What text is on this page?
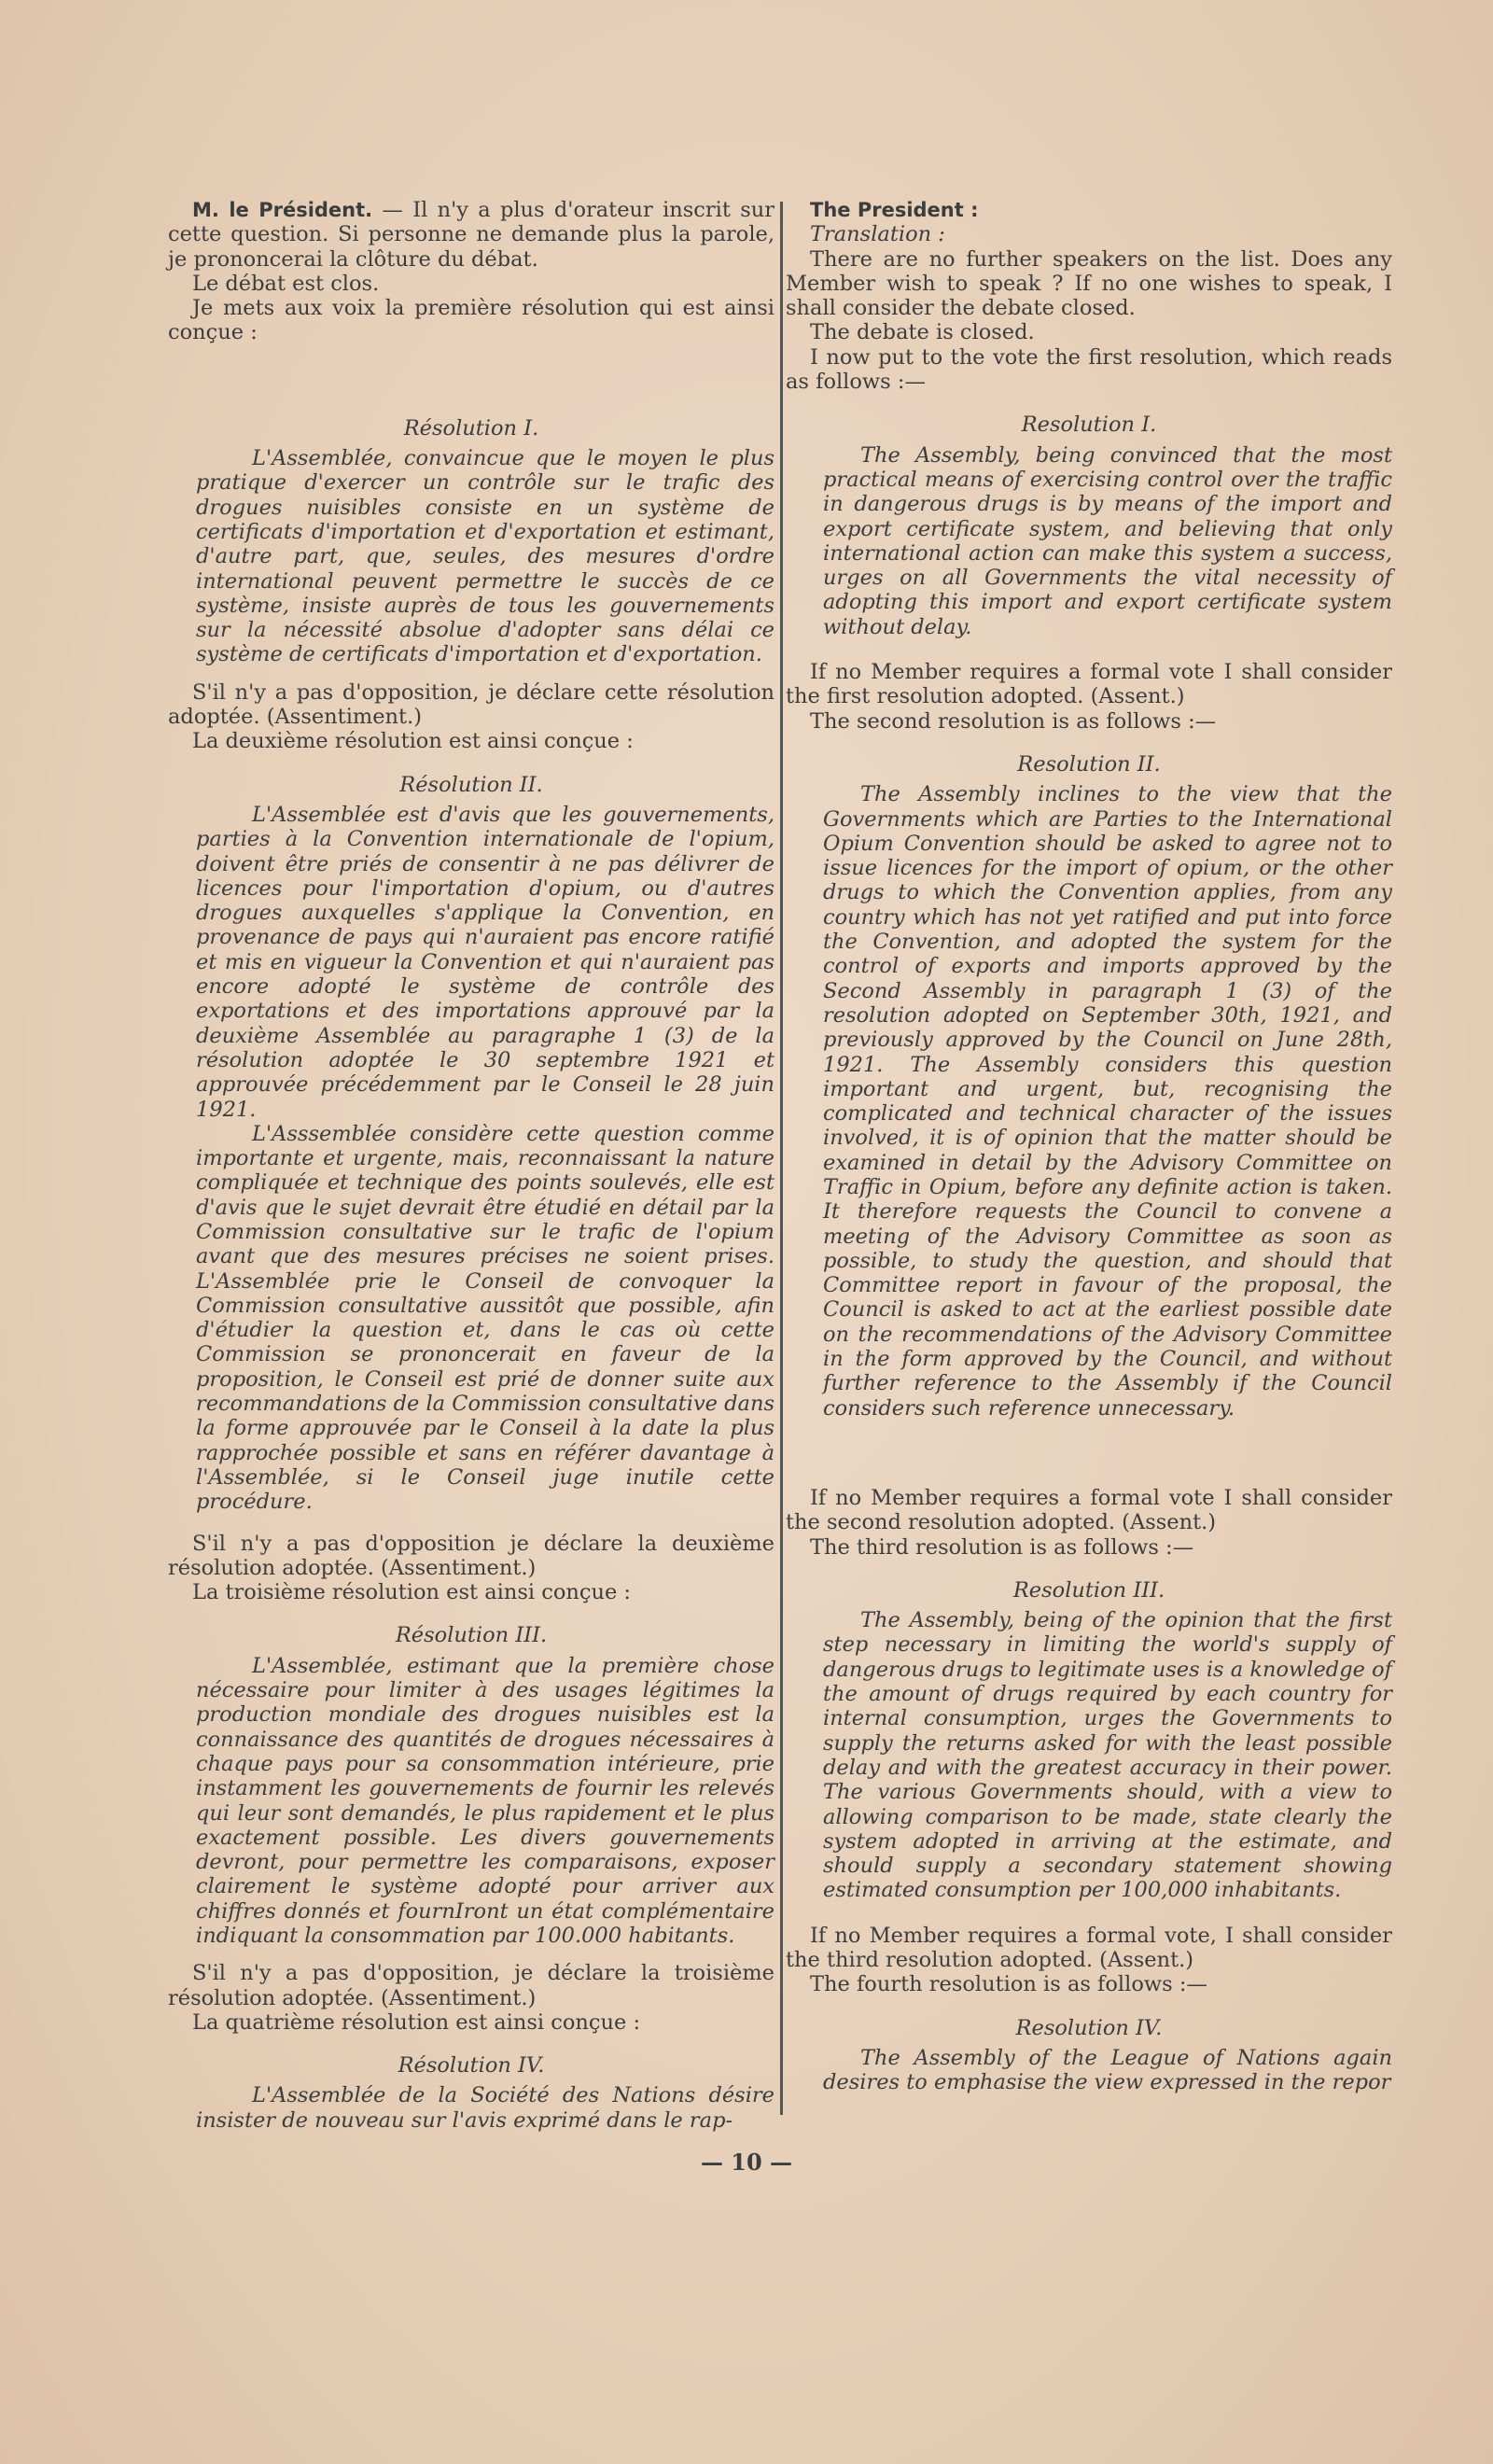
M. le Président. — Il n'y a plus d'orateur inscrit sur cette question. Si personne ne demande plus la parole, je prononcerai la clôture du débat.

Le débat est clos.

Je mets aux voix la première résolution qui est ainsi conçue :

Résolution I.

L'Assemblée, convaincue que le moyen le plus pratique d'exercer un contrôle sur le trafic des drogues nuisibles consiste en un système de certificats d'importation et d'exportation et estimant, d'autre part, que, seules, des mesures d'ordre international peuvent permettre le succès de ce système, insiste auprès de tous les gouvernements sur la nécessité absolue d'adopter sans délai ce système de certificats d'importation et d'exportation.

S'il n'y a pas d'opposition, je déclare cette résolution adoptée. (Assentiment.)

La deuxième résolution est ainsi conçue :

Résolution II.

L'Assemblée est d'avis que les gouvernements, parties à la Convention internationale de l'opium, doivent être priés de consentir à ne pas délivrer de licences pour l'importation d'opium, ou d'autres drogues auxquelles s'applique la Convention, en provenance de pays qui n'auraient pas encore ratifié et mis en vigueur la Convention et qui n'auraient pas encore adopté le système de contrôle des exportations et des importations approuvé par la deuxième Assemblée au paragraphe 1 (3) de la résolution adoptée le 30 septembre 1921 et approuvée précédemment par le Conseil le 28 juin 1921.

L'Asssemblée considère cette question comme importante et urgente, mais, reconnaissant la nature compliquée et technique des points soulevés, elle est d'avis que le sujet devrait être étudié en détail par la Commission consultative sur le trafic de l'opium avant que des mesures précises ne soient prises. L'Assemblée prie le Conseil de convoquer la Commission consultative aussitôt que possible, afin d'étudier la question et, dans le cas où cette Commission se prononcerait en faveur de la proposition, le Conseil est prié de donner suite aux recommandations de la Commission consultative dans la forme approuvée par le Conseil à la date la plus rapprochée possible et sans en référer davantage à l'Assemblée, si le Conseil juge inutile cette procédure.

S'il n'y a pas d'opposition je déclare la deuxième résolution adoptée. (Assentiment.)

La troisième résolution est ainsi conçue :

Résolution III.

L'Assemblée, estimant que la première chose nécessaire pour limiter à des usages légitimes la production mondiale des drogues nuisibles est la connaissance des quantités de drogues nécessaires à chaque pays pour sa consommation intérieure, prie instamment les gouvernements de fournir les relevés qui leur sont demandés, le plus rapidement et le plus exactement possible. Les divers gouvernements devront, pour permettre les comparaisons, exposer clairement le système adopté pour arriver aux chiffres donnés et fournIront un état complémentaire indiquant la consommation par 100.000 habitants.

S'il n'y a pas d'opposition, je déclare la troisième résolution adoptée. (Assentiment.)

La quatrième résolution est ainsi conçue :

Résolution IV.

L'Assemblée de la Société des Nations désire insister de nouveau sur l'avis exprimé dans le rap-

The President :

Translation :

There are no further speakers on the list. Does any Member wish to speak ? If no one wishes to speak, I shall consider the debate closed.

The debate is closed.

I now put to the vote the first resolution, which reads as follows :—

Resolution I.

The Assembly, being convinced that the most practical means of exercising control over the traffic in dangerous drugs is by means of the import and export certificate system, and believing that only international action can make this system a success, urges on all Governments the vital necessity of adopting this import and export certificate system without delay.

If no Member requires a formal vote I shall consider the first resolution adopted. (Assent.)

The second resolution is as follows :—

Resolution II.

The Assembly inclines to the view that the Governments which are Parties to the International Opium Convention should be asked to agree not to issue licences for the import of opium, or the other drugs to which the Convention applies, from any country which has not yet ratified and put into force the Convention, and adopted the system for the control of exports and imports approved by the Second Assembly in paragraph 1 (3) of the resolution adopted on September 30th, 1921, and previously approved by the Council on June 28th, 1921. The Assembly considers this question important and urgent, but, recognising the complicated and technical character of the issues involved, it is of opinion that the matter should be examined in detail by the Advisory Committee on Traffic in Opium, before any definite action is taken. It therefore requests the Council to convene a meeting of the Advisory Committee as soon as possible, to study the question, and should that Committee report in favour of the proposal, the Council is asked to act at the earliest possible date on the recommendations of the Advisory Committee in the form approved by the Council, and without further reference to the Assembly if the Council considers such reference unnecessary.

If no Member requires a formal vote I shall consider the second resolution adopted. (Assent.)

The third resolution is as follows :—

Resolution III.

The Assembly, being of the opinion that the first step necessary in limiting the world's supply of dangerous drugs to legitimate uses is a knowledge of the amount of drugs required by each country for internal consumption, urges the Governments to supply the returns asked for with the least possible delay and with the greatest accuracy in their power. The various Governments should, with a view to allowing comparison to be made, state clearly the system adopted in arriving at the estimate, and should supply a secondary statement showing estimated consumption per 100,000 inhabitants.

If no Member requires a formal vote, I shall consider the third resolution adopted. (Assent.)

The fourth resolution is as follows :—

Resolution IV.

The Assembly of the League of Nations again desires to emphasise the view expressed in the repor

— 10 —
